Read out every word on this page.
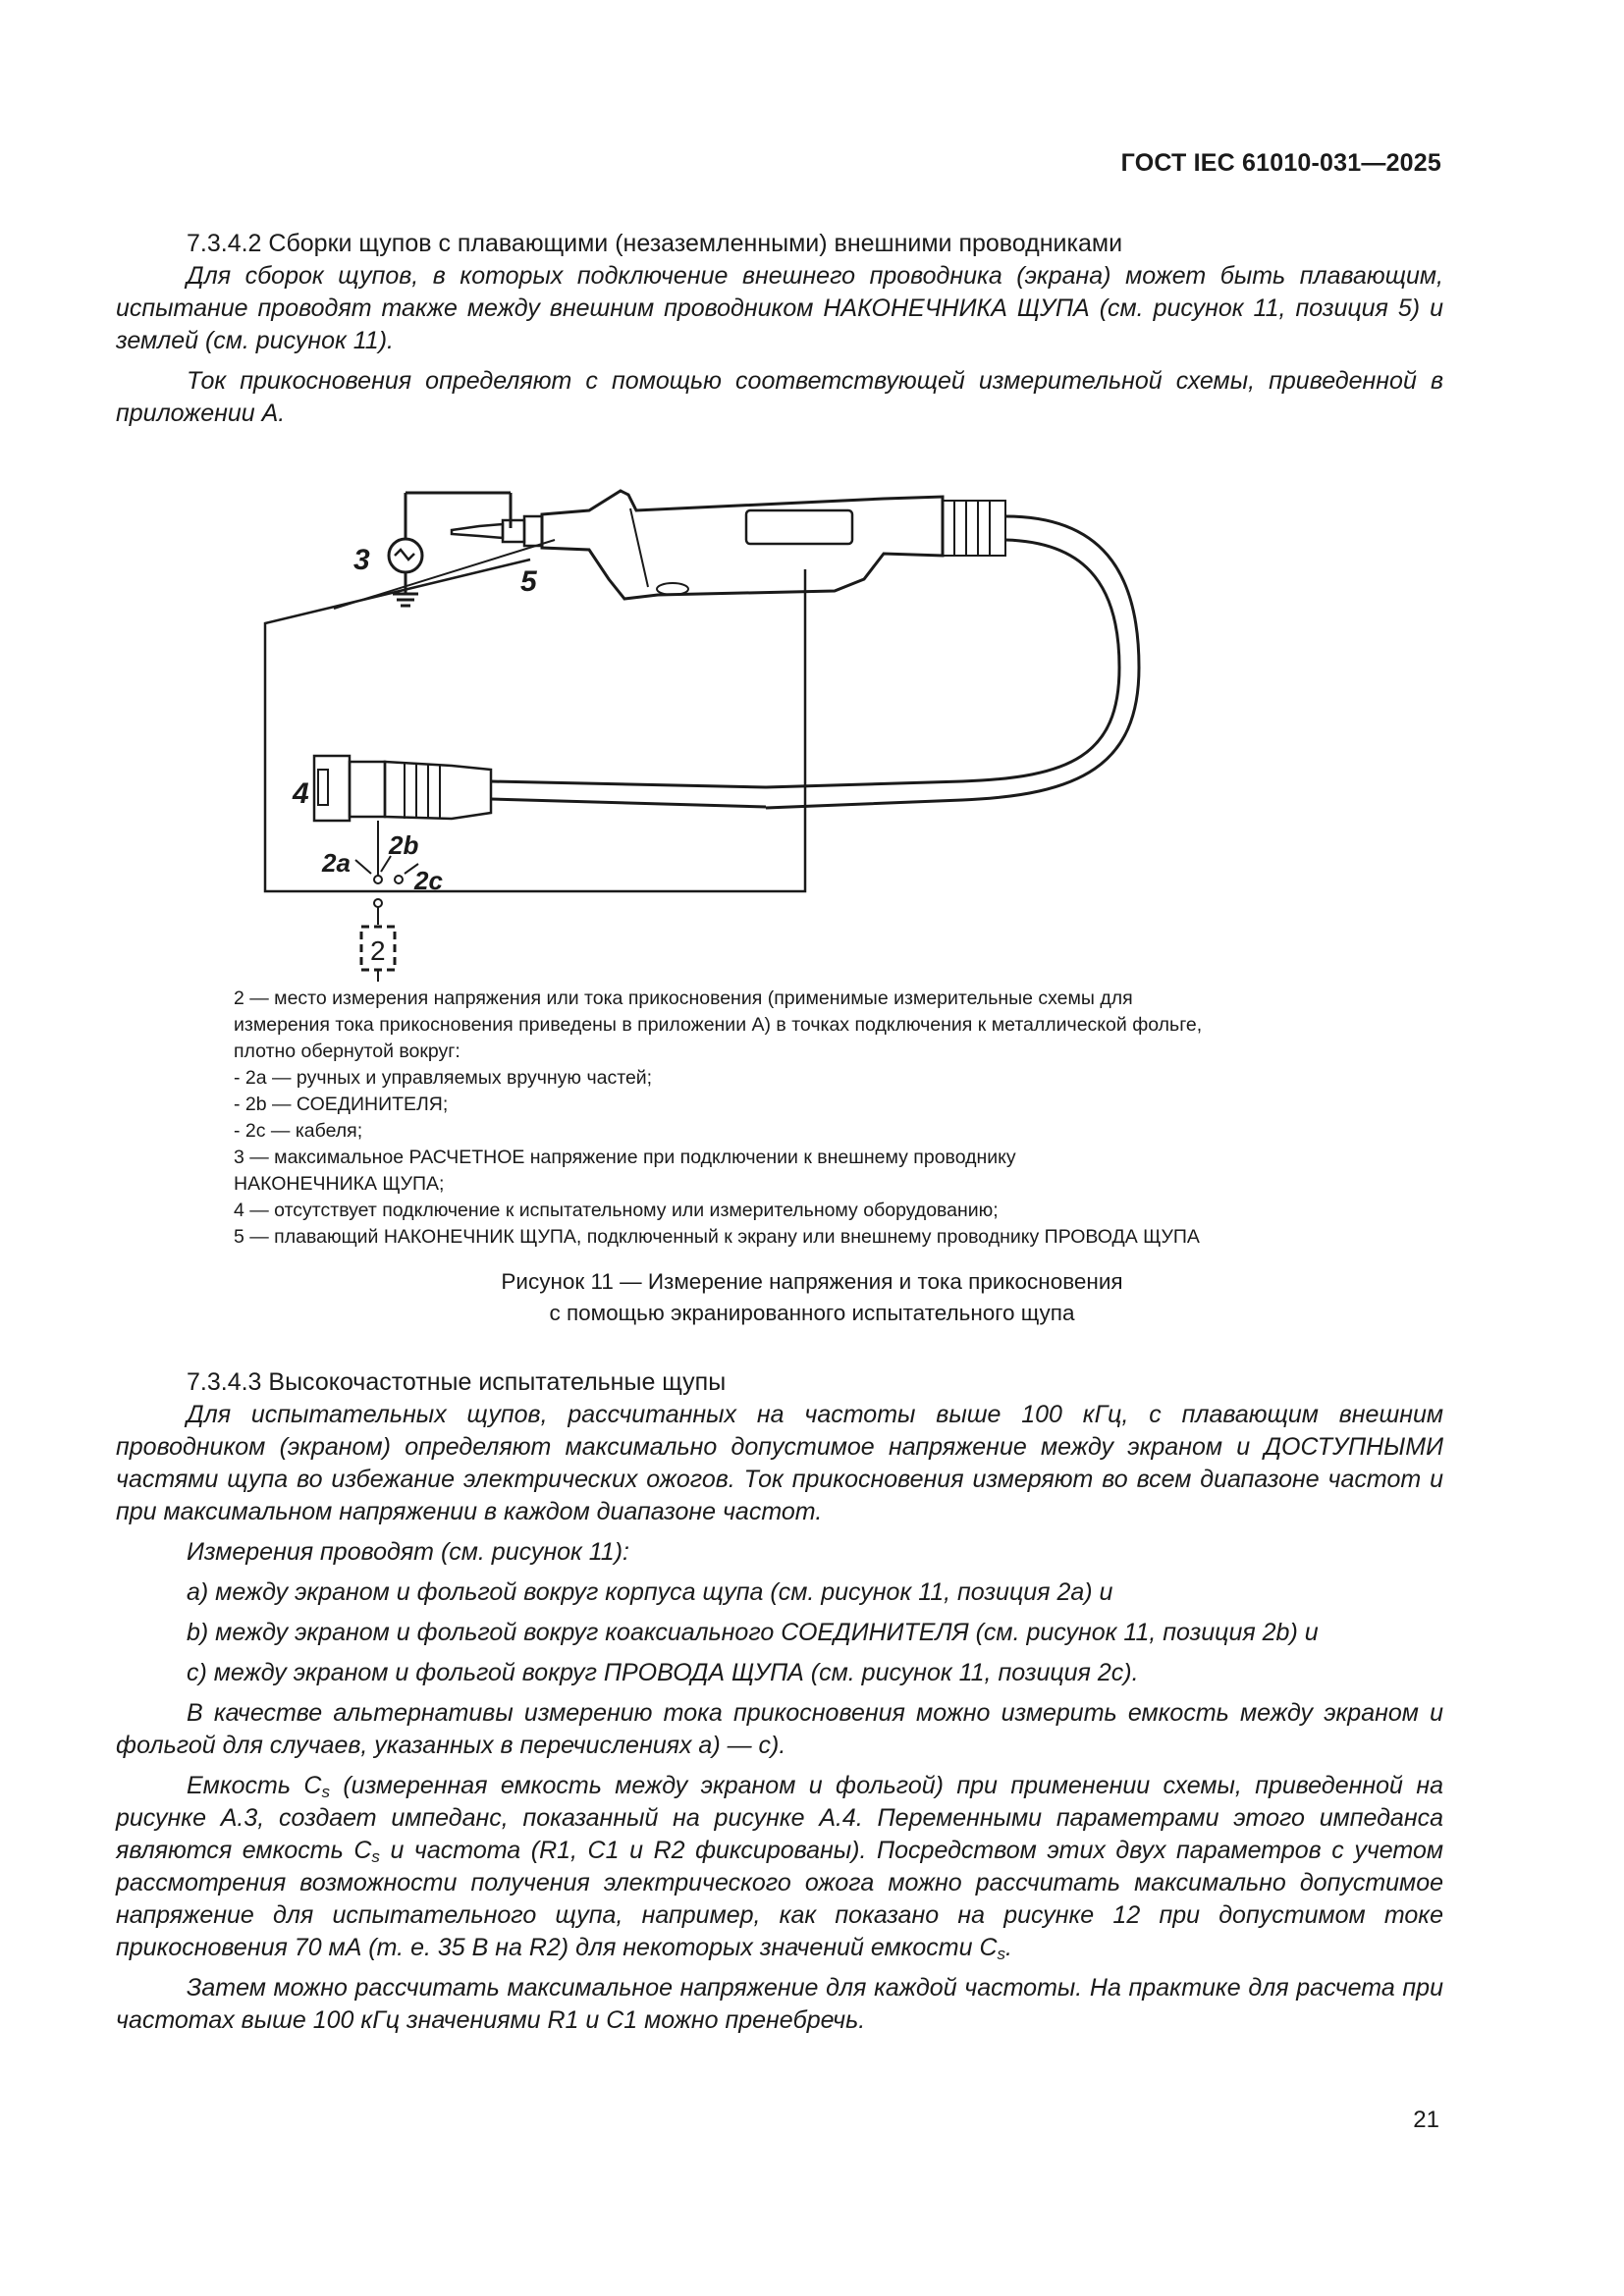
ГОСТ IEC 61010-031—2025
7.3.4.2 Сборки щупов с плавающими (незаземленными) внешними проводниками

Для сборок щупов, в которых подключение внешнего проводника (экрана) может быть плавающим, испытание проводят также между внешним проводником НАКОНЕЧНИКА ЩУПА (см. рисунок 11, позиция 5) и землей (см. рисунок 11).

Ток прикосновения определяют с помощью соответствующей измерительной схемы, приведенной в приложении А.

3
5
4
2a
2b
2c
2
2 — место измерения напряжения или тока прикосновения (применимые измерительные схемы для
измерения тока прикосновения приведены в приложении А) в точках подключения к металлической фольге,
плотно обернутой вокруг:
- 2a — ручных и управляемых вручную частей;
- 2b — СОЕДИНИТЕЛЯ;
- 2c — кабеля;
3 — максимальное РАСЧЕТНОЕ напряжение при подключении к внешнему проводнику
НАКОНЕЧНИКА ЩУПА;
4 — отсутствует подключение к испытательному или измерительному оборудованию;
5 — плавающий НАКОНЕЧНИК ЩУПА, подключенный к экрану или внешнему проводнику ПРОВОДА ЩУПА
Рисунок 11 — Измерение напряжения и тока прикосновения
с помощью экранированного испытательного щупа
7.3.4.3 Высокочастотные испытательные щупы

Для испытательных щупов, рассчитанных на частоты выше 100 кГц, с плавающим внешним проводником (экраном) определяют максимально допустимое напряжение между экраном и ДОСТУПНЫМИ частями щупа во избежание электрических ожогов. Ток прикосновения измеряют во всем диапазоне частот и при максимальном напряжении в каждом диапазоне частот.

Измерения проводят (см. рисунок 11):

a) между экраном и фольгой вокруг корпуса щупа (см. рисунок 11, позиция 2a) и

b) между экраном и фольгой вокруг коаксиального СОЕДИНИТЕЛЯ (см. рисунок 11, позиция 2b) и

c) между экраном и фольгой вокруг ПРОВОДА ЩУПА (см. рисунок 11, позиция 2c).

В качестве альтернативы измерению тока прикосновения можно измерить емкость между экраном и фольгой для случаев, указанных в перечислениях а) — с).

Емкость $C_s$ (измеренная емкость между экраном и фольгой) при применении схемы, приведенной на рисунке А.3, создает импеданс, показанный на рисунке А.4. Переменными параметрами этого импеданса являются емкость $C_s$ и частота (R1, C1 и R2 фиксированы). Посредством этих двух параметров с учетом рассмотрения возможности получения электрического ожога можно рассчитать максимально допустимое напряжение для испытательного щупа, например, как показано на рисунке 12 при допустимом токе прикосновения 70 мА (т. е. 35 В на R2) для некоторых значений емкости $C_s$.

Затем можно рассчитать максимальное напряжение для каждой частоты. На практике для расчета при частотах выше 100 кГц значениями R1 и C1 можно пренебречь.

21
